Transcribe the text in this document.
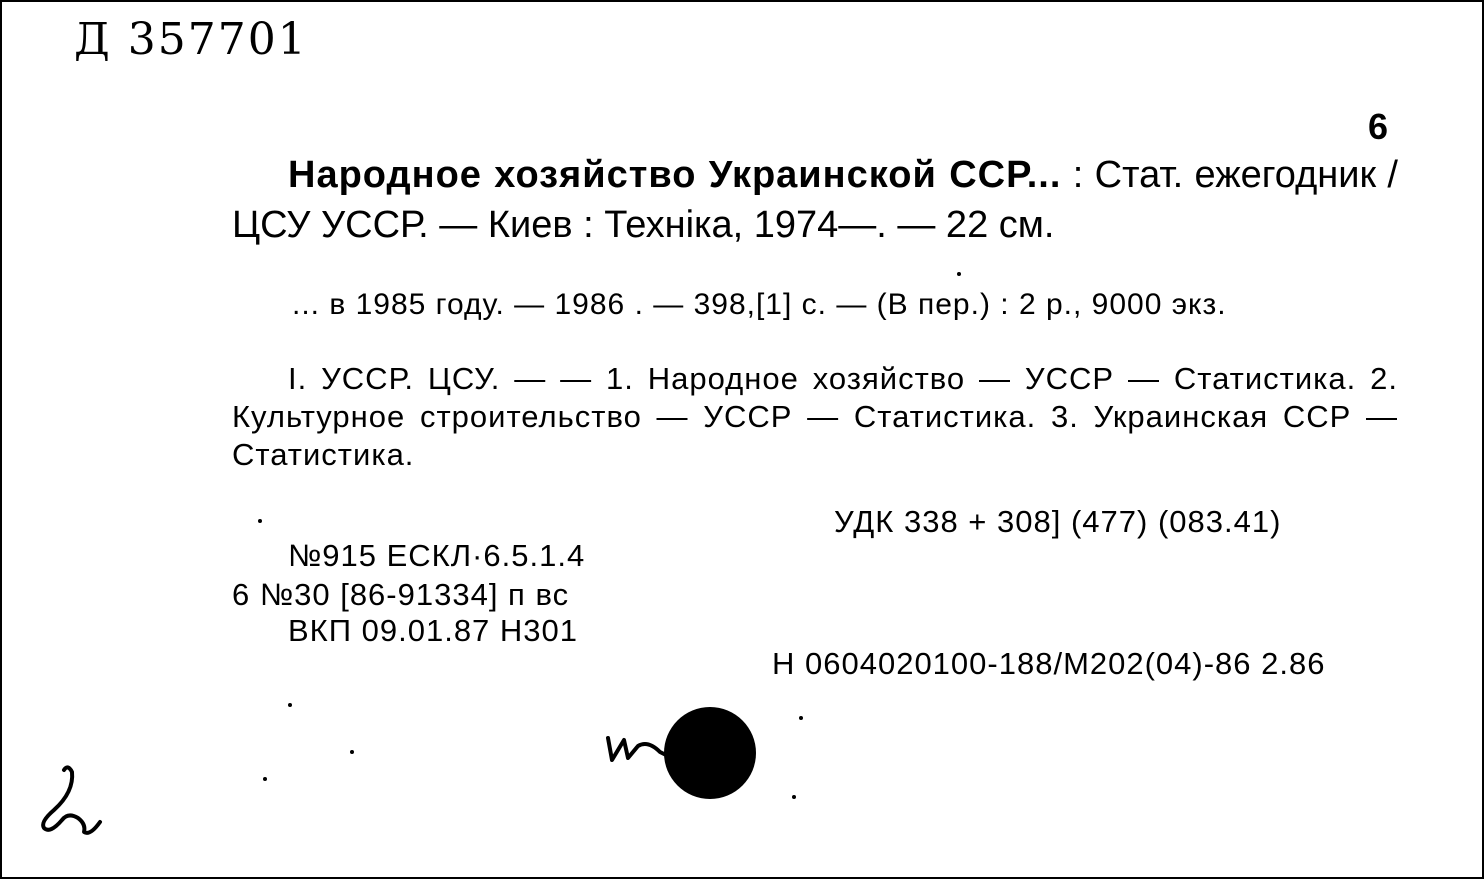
Д 357701
6
Народное хозяйство Украинской ССР... : Стат. ежегодник / ЦСУ УССР. — Киев : Техніка, 1974—. — 22 см.
... в 1985 году. — 1986 . — 398,[1] с. — (В пер.) : 2 р., 9000 экз.
I. УССР. ЦСУ. — — 1. Народное хозяйство — УССР — Статистика. 2. Культурное строительство — УССР — Статистика. 3. Украинская ССР — Статистика.
УДК 338 + 308] (477) (083.41)
№915 ЕСКЛ·6.5.1.4
6 №30 [86-91334] п вс
ВКП 09.01.87 Н301
Н 0604020100-188/М202(04)-86 2.86
